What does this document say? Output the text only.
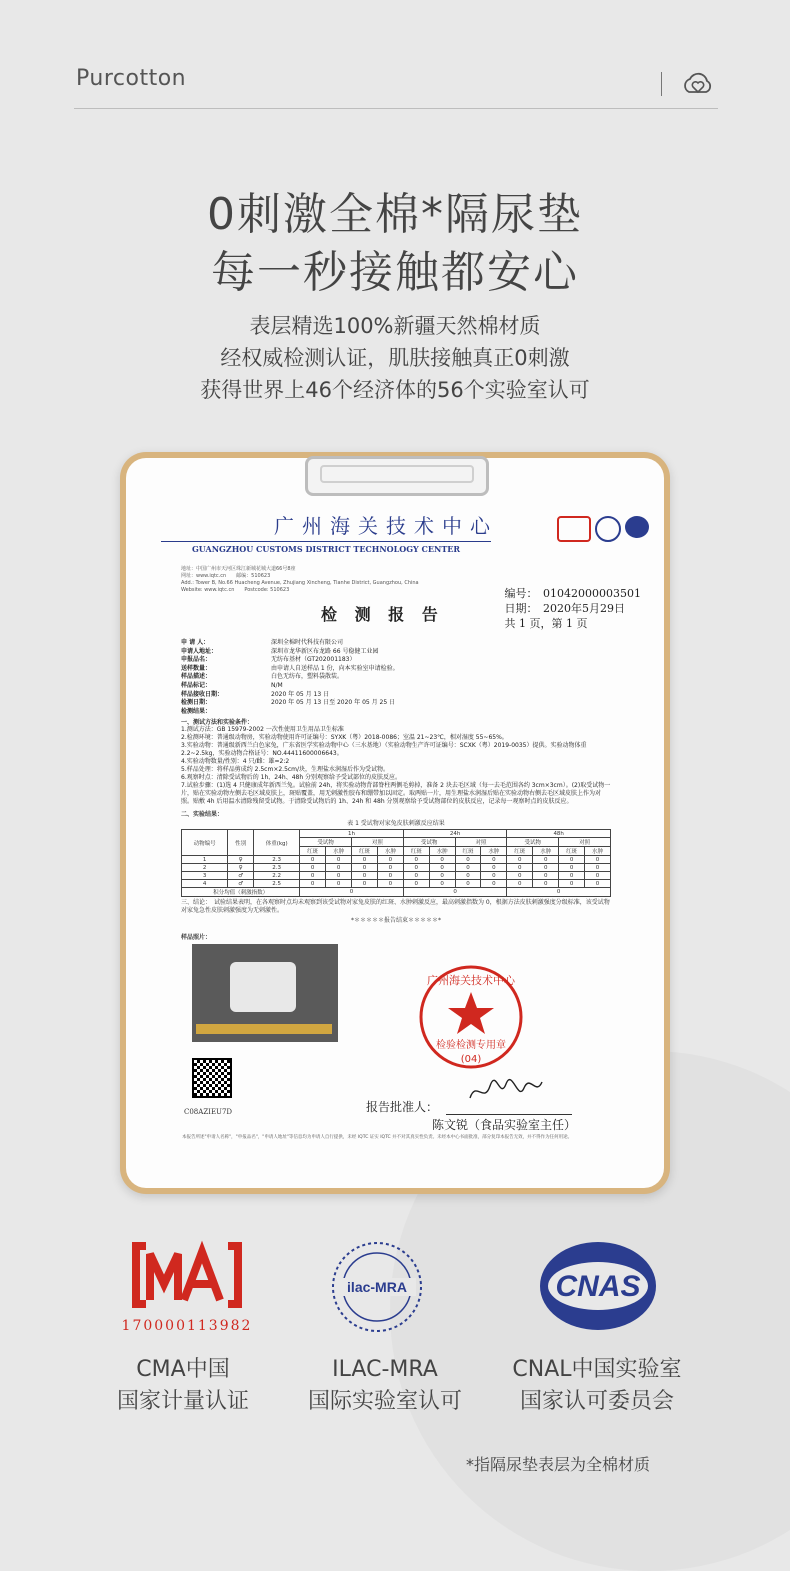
Purcotton
0刺激全棉*隔尿垫
每一秒接触都安心
表层精选100%新疆天然棉材质
经权威检测认证，肌肤接触真正0刺激
获得世界上46个经济体的56个实验室认可
广州海关技术中心
GUANGZHOU CUSTOMS DISTRICT TECHNOLOGY CENTER
地址：中国广州市天河区珠江新城花城大道66号8座
网址：www.iqtc.cn　　邮编：510623
Add.: Tower B, No.66 Huacheng Avenue, Zhujiang Xincheng, Tianhe District, Guangzhou, China
Website: www.iqtc.cn　　Postcode: 510623	编号：　01042000003501
日期：　2020年5月29日
共 1 页，第 1 页
检 测 报 告
申 请 人：	深圳全棉时代科技有限公司
申请人地址：	深圳市龙华新区布龙路 66 号稳健工业园
申报品名：	无纺布基材（GT20200118​3）
送样数量：	由申请人自送样品 1 份，向本实验室申请检验。
样品描述：	白色无纺布，塑料袋散装。
样品标记：	N/M
样品接收日期：	2020 年 05 月 13 日
检测日期：	2020 年 05 月 13 日至 2020 年 05 月 25 日
检测结果：
一、测试方法和实验条件：
1.测试方法：GB 15979-2002 一次性使用卫生用品卫生标准
2.检测环境：普通级动物房，实验动物使用许可证编号：SYXK（粤）2018-0086；室温 21~23℃，相对湿度 55~65%。
3.实验动物：普通级新西兰白色家兔，广东省医学实验动物中心（三水基地）（实验动物生产许可证编号：SCXK（粤）2019-0035）提供。实验动物体重 2.2~2.5kg，实验动物合格证号：NO.44411600006643。
4.实验动物数量/性别：4 只/雌：雄=2:2
5.样品处理：将样品剪成约 2.5cm×2.5cm/块，生理盐水润湿后作为受试物。
6.观察时点：清除受试物后的 1h、24h、48h 分别观察给予受试部位的皮肤反应。
7.试验步骤：(1)选 4 只健康成年新西兰兔。试验前 24h，将实验动物背部脊柱两侧毛剪掉，准备 2 块去毛区域（每一去毛范围各约 3cm×3cm）。(2)取受试物一片，贴在实验动物左侧去毛区域皮肤上，斑贴覆盖，用无刺激性胶布和绷带加以固定。取两贴一片，用生理盐水润湿后贴在实验动物右侧去毛区域皮肤上作为对照。贴敷 4h 后用温水清除残留受试物。于清除受试物后的 1h、24h 和 48h 分别观察给予受试物部位的皮肤反应，记录每一观察时点的皮肤反应。
二、实验结果：
表 1 受试物对家兔皮肤刺激反应结果
动物编号	性别	体重(kg)	1h				24h				48h			
			受试物		对照		受试物		对照		受试物		对照	
			红斑	水肿	红斑	水肿	红斑	水肿	红斑	水肿	红斑	水肿	红斑	水肿
1	♀	2.3	0	0	0	0	0	0	0	0	0	0	0	0
2	♀	2.3	0	0	0	0	0	0	0	0	0	0	0	0
3	♂	2.2	0	0	0	0	0	0	0	0	0	0	0	0
4	♂	2.5	0	0	0	0	0	0	0	0	0	0	0	0
积分均值（刺激指数）			0				0				0			
三、结论：　试验结果表明，在各观察时点均未观察到该受试物对家兔皮肤的红斑、水肿刺激反应，最高刺激指数为 0，根据方法皮肤刺激强度分级标准，该受试物对家兔急性皮肤刺激强度为无刺激性。
*＊＊＊＊＊报告结束＊＊＊＊＊*
样品照片：
C08AZIEU7D
检验检测专用章
(04)
广州海关技术中心
报告批准人：
陈文锐（食品实验室主任）
本报告所述"申请人名称"，"申报品名"，"申请人地址"等信息均为申请人自行提供，未经 IQTC 证实 IQTC 并不对其真实性负责。未经本中心书面批准，部分复印本报告无效，并不得作为任何用途。
170000113982
ilac-MRA	CNAS
CMA中国
国家计量认证
ILAC-MRA
国际实验室认可
CNAL中国实验室
国家认可委员会
*指隔尿垫表层为全棉材质
